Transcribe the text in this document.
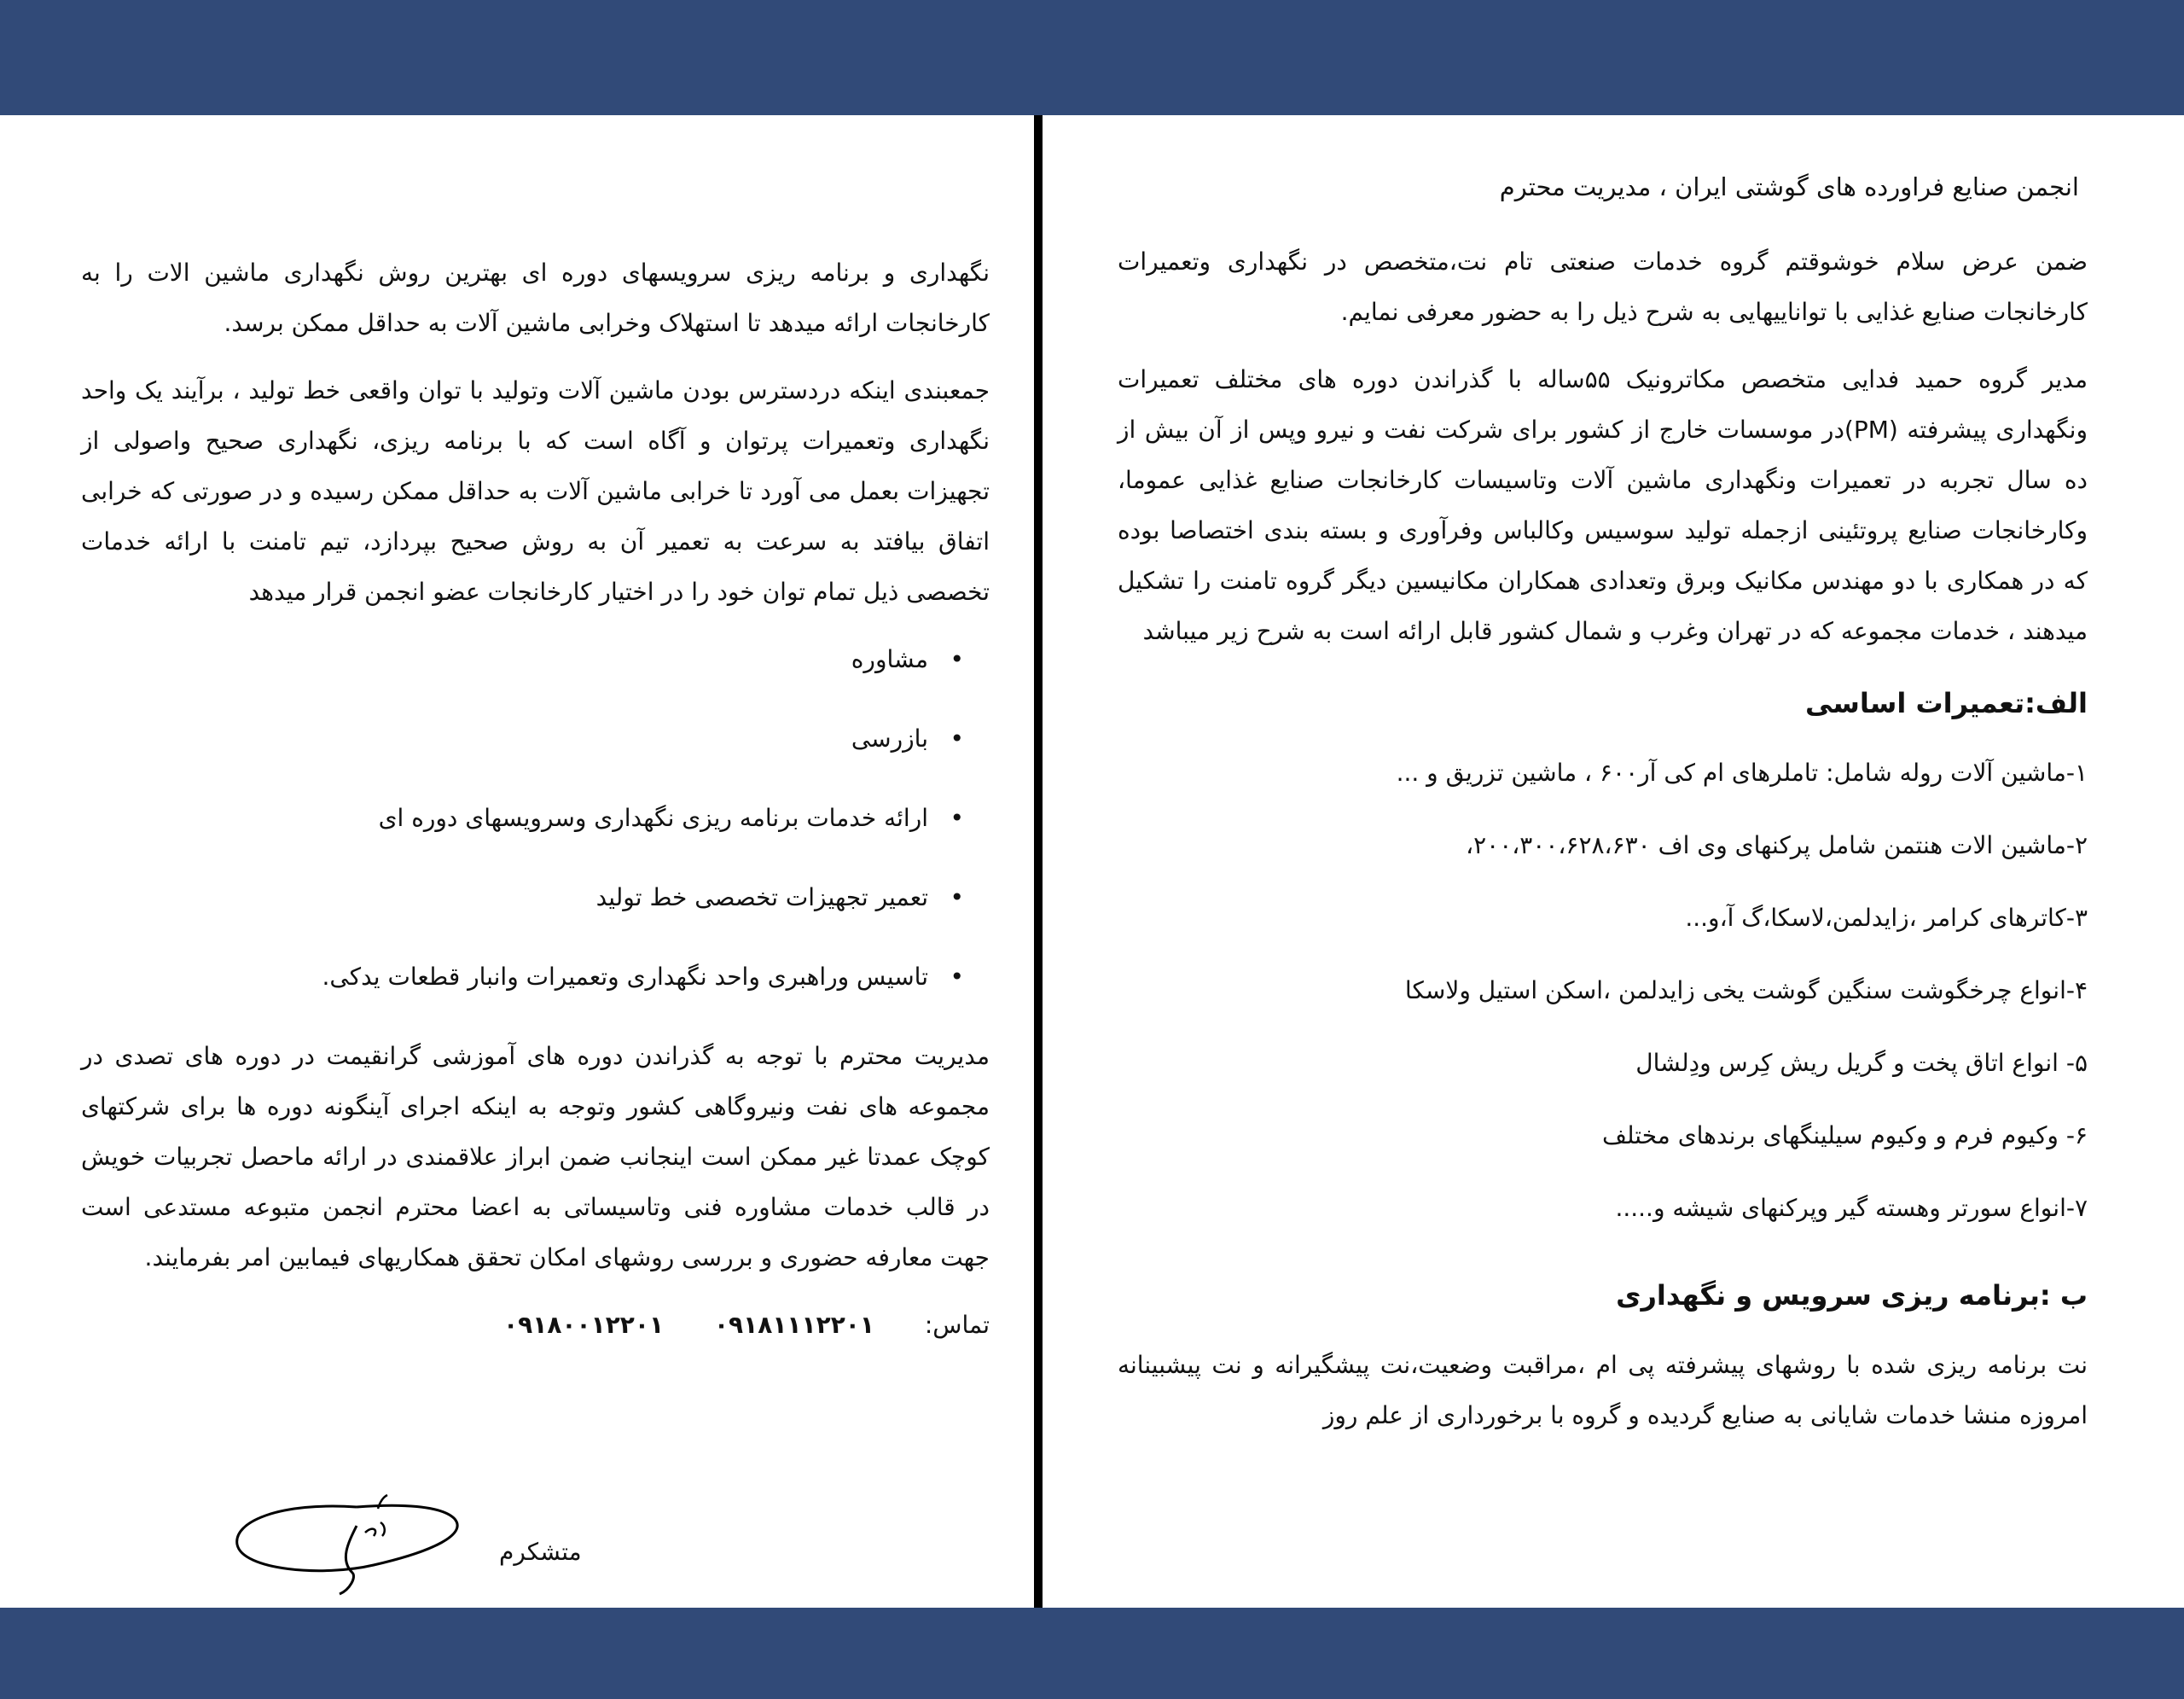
انجمن صنایع فراورده های گوشتی ایران ، مدیریت محترم
ضمن عرض سلام خوشوقتم گروه خدمات صنعتی تام نت،متخصص در نگهداری وتعمیرات کارخانجات صنایع غذایی با تواناییهایی به شرح ذیل را به حضور معرفی نمایم.
مدیر گروه حمید فدایی متخصص مکاترونیک ۵۵ساله با گذراندن دوره های مختلف تعمیرات ونگهداری پیشرفته (PM)در موسسات خارج از کشور برای شرکت نفت و نیرو وپس از آن بیش از ده سال تجربه در تعمیرات ونگهداری ماشین آلات وتاسیسات کارخانجات صنایع غذایی عموما، وکارخانجات صنایع پروتئینی ازجمله تولید سوسیس وکالباس وفرآوری و بسته بندی اختصاصا بوده که در همکاری با دو مهندس مکانیک وبرق وتعدادی همکاران مکانیسین دیگر گروه تامنت را تشکیل میدهند ، خدمات مجموعه که در تهران وغرب و شمال کشور قابل ارائه است به شرح زیر میباشد
الف:تعمیرات اساسی
۱-ماشین آلات روله شامل: تاملرهای ام کی آر۶۰۰ ، ماشین تزریق و ...
۲-ماشین الات هنتمن شامل پرکنهای وی اف ۲۰۰،۳۰۰،۶۲۸،۶۳۰،
۳-کاترهای کرامر ،زایدلمن،لاسکا،گ آ،و...
۴-انواع چرخگوشت سنگین گوشت یخی زایدلمن ،اسکن استیل ولاسکا
۵- انواع اتاق پخت و گریل ریش کِرس ودِلشال
۶- وکیوم فرم و وکیوم سیلینگهای برندهای مختلف
۷-انواع سورتر وهسته گیر وپرکنهای شیشه و.....
ب :برنامه ریزی سرویس و نگهداری
نت برنامه ریزی شده با روشهای پیشرفته پی ام ،مراقبت وضعیت،نت پیشگیرانه و نت پیشبینانه امروزه منشا خدمات شایانی به صنایع گردیده و گروه با برخورداری از علم روز
نگهداری و برنامه ریزی سرویسهای دوره ای بهترین روش نگهداری ماشین الات را به کارخانجات ارائه میدهد تا استهلاک وخرابی ماشین آلات به حداقل ممکن برسد.
جمعبندی اینکه دردسترس بودن ماشین آلات وتولید با توان واقعی خط تولید ، برآیند یک واحد نگهداری وتعمیرات پرتوان و آگاه است که با برنامه ریزی، نگهداری صحیح واصولی از تجهیزات بعمل می آورد تا خرابی ماشین آلات به حداقل ممکن رسیده و در صورتی که خرابی اتفاق بیافتد به سرعت به تعمیر آن به روش صحیح بپردازد، تیم تامنت با ارائه خدمات تخصصی ذیل تمام توان خود را در اختیار کارخانجات عضو انجمن قرار میدهد
• مشاوره
• بازرسی
• ارائه خدمات برنامه ریزی نگهداری وسرویسهای دوره ای
• تعمیر تجهیزات تخصصی خط تولید
• تاسیس وراهبری واحد نگهداری وتعمیرات وانبار قطعات یدکی.
مدیریت محترم با توجه به گذراندن دوره های آموزشی گرانقیمت در دوره های تصدی در مجموعه های نفت ونیروگاهی کشور وتوجه به اینکه اجرای آینگونه دوره ها برای شرکتهای کوچک عمدتا غیر ممکن است اینجانب ضمن ابراز علاقمندی در ارائه ماحصل تجربیات خویش در قالب خدمات مشاوره فنی وتاسیساتی به اعضا محترم انجمن متبوعه مستدعی است جهت معارفه حضوری و بررسی روشهای امکان تحقق همکاریهای فیمابین امر بفرمایند.
تماس: ۰۹۱۸۱۱۱۲۲۰۱ ۰۹۱۸۰۰۱۲۲۰۱
متشکرم
